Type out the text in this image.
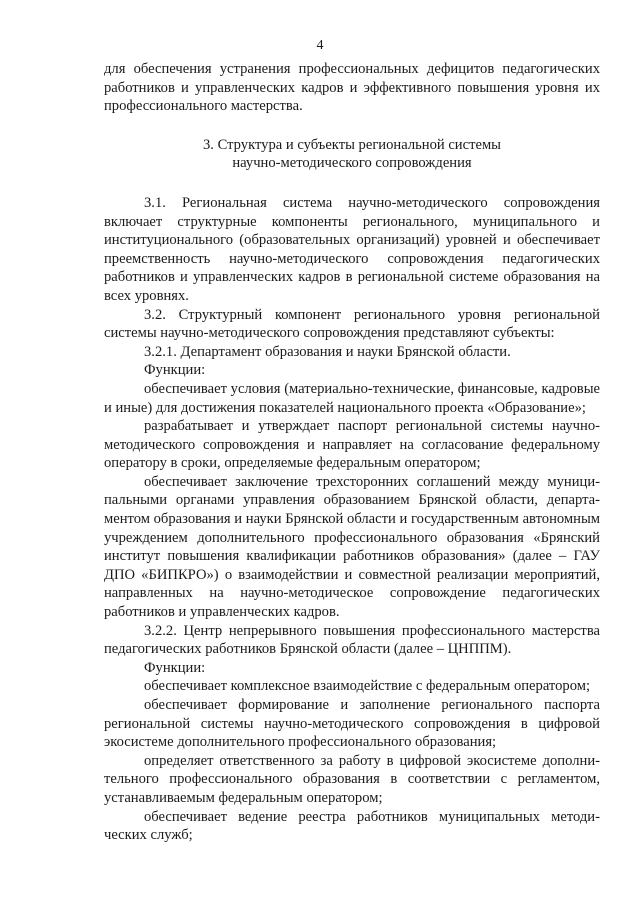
4

для обеспечения устранения профессиональных дефицитов педагогических работников и управленческих кадров и эффективного повышения уровня их профессионального мастерства.

3. Структура и субъекты региональной системы
научно-методического сопровождения

3.1. Региональная система научно-методического сопровождения включает структурные компоненты регионального, муниципального и институционального (образовательных организаций) уровней и обеспечивает преемственность научно-методического сопровождения педагогических работников и управленческих кадров в региональной системе образования на всех уровнях.

3.2. Структурный компонент регионального уровня региональной системы научно-методического сопровождения представляют субъекты:

3.2.1. Департамент образования и науки Брянской области.

Функции:

обеспечивает условия (материально-технические, финансовые, кадровые и иные) для достижения показателей национального проекта «Образование»;

разрабатывает и утверждает паспорт региональной системы научно-методического сопровождения и направляет на согласование федеральному оператору в сроки, определяемые федеральным оператором;

обеспечивает заключение трехсторонних соглашений между муниципальными органами управления образованием Брянской области, департаментом образования и науки Брянской области и государственным автономным учреждением дополнительного профессионального образования «Брянский институт повышения квалификации работников образования» (далее – ГАУ ДПО «БИПКРО») о взаимодействии и совместной реализации мероприятий, направленных на научно-методическое сопровождение педагогических работников и управленческих кадров.

3.2.2. Центр непрерывного повышения профессионального мастерства педагогических работников Брянской области (далее – ЦНППМ).

Функции:

обеспечивает комплексное взаимодействие с федеральным оператором;

обеспечивает формирование и заполнение регионального паспорта региональной системы научно-методического сопровождения в цифровой экосистеме дополнительного профессионального образования;

определяет ответственного за работу в цифровой экосистеме дополнительного профессионального образования в соответствии с регламентом, устанавливаемым федеральным оператором;

обеспечивает ведение реестра работников муниципальных методических служб;
